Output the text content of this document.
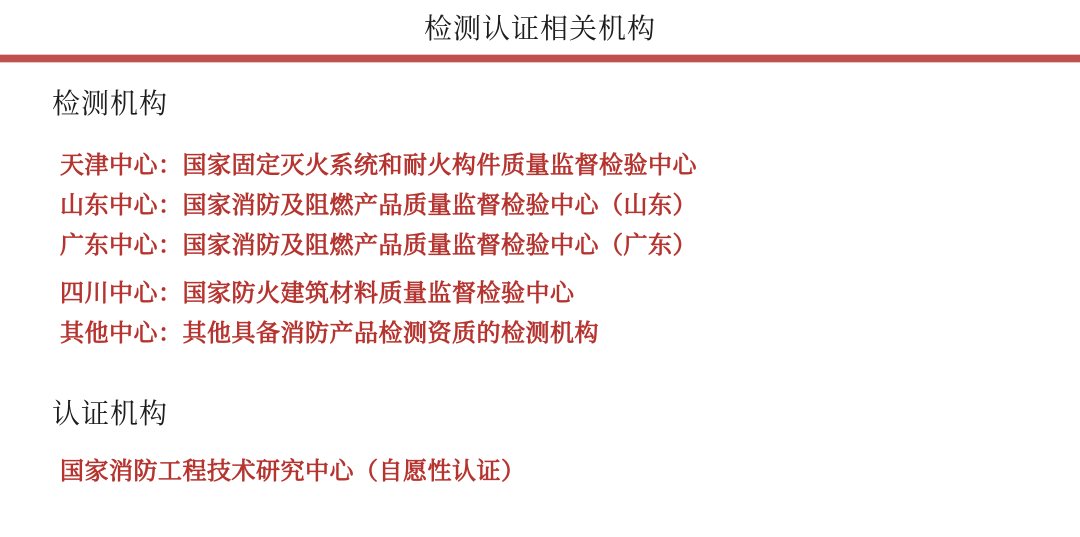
检测认证相关机构
检测机构
天津中心：国家固定灭火系统和耐火构件质量监督检验中心
山东中心：国家消防及阻燃产品质量监督检验中心（山东）
广东中心：国家消防及阻燃产品质量监督检验中心（广东）
四川中心：国家防火建筑材料质量监督检验中心
其他中心：其他具备消防产品检测资质的检测机构
认证机构
国家消防工程技术研究中心（自愿性认证）
